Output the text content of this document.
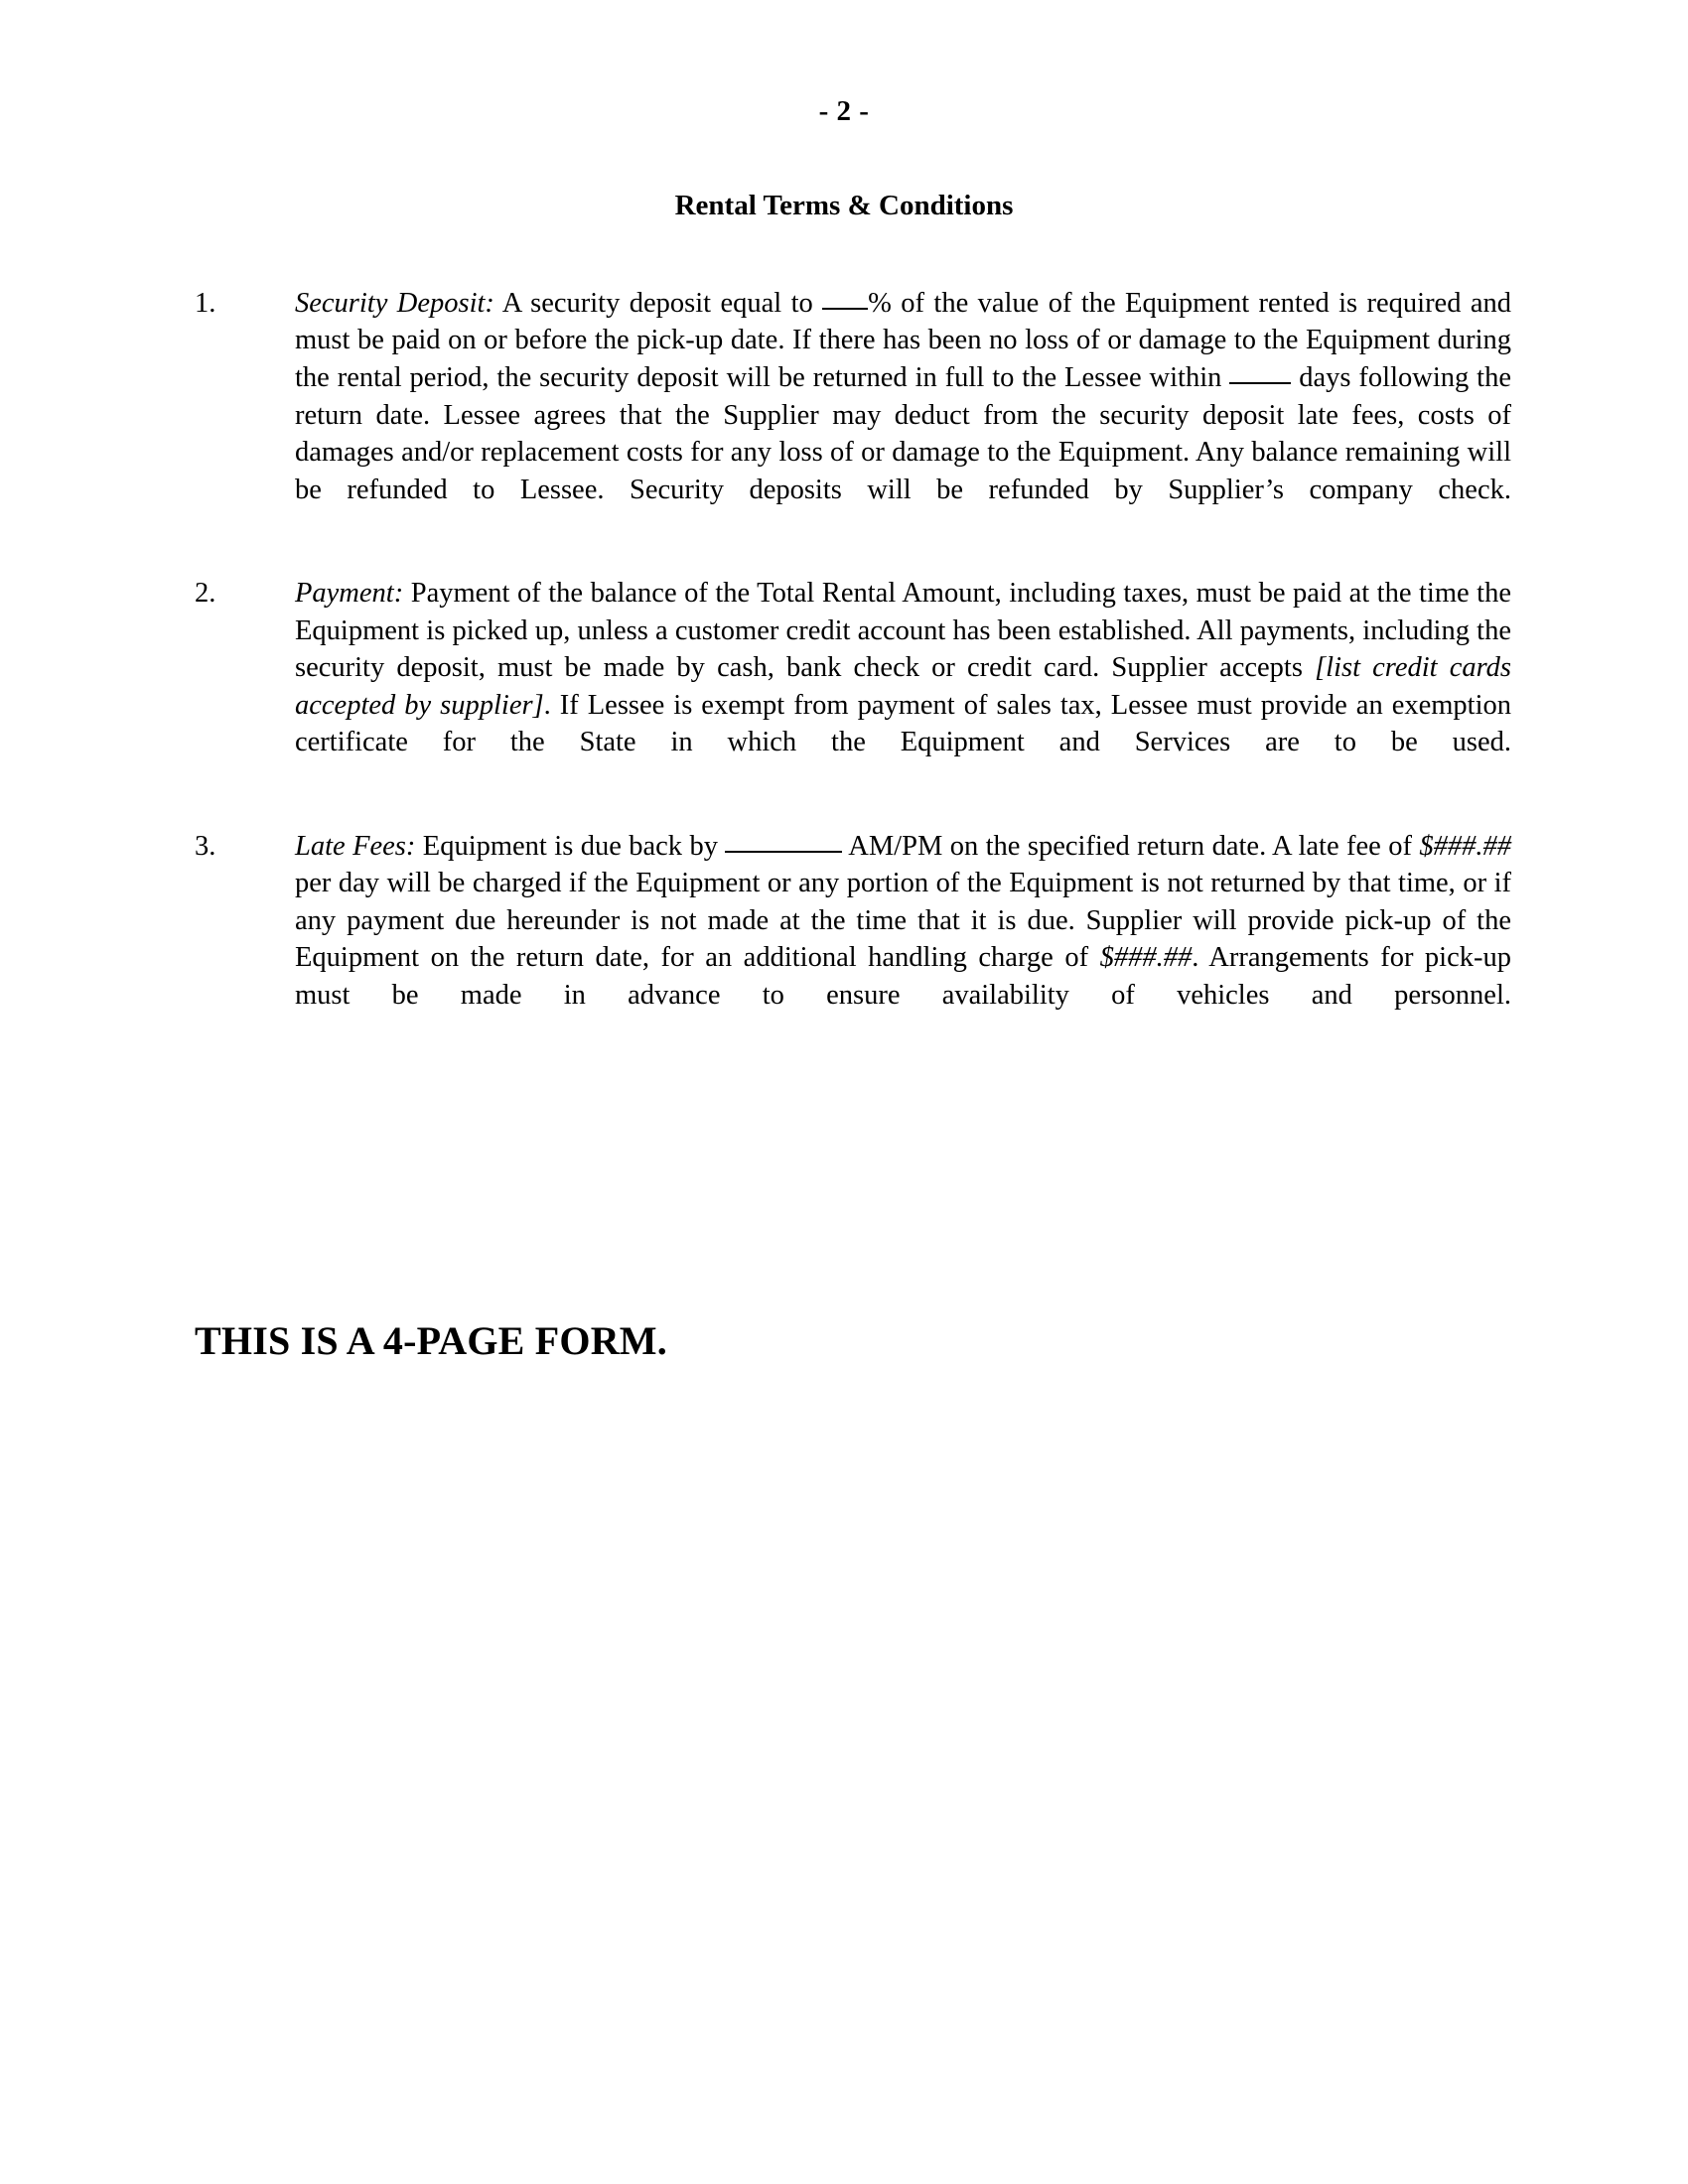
- 2 -
Rental Terms & Conditions
1.	Security Deposit: A security deposit equal to % of the value of the Equipment rented is required and must be paid on or before the pick-up date. If there has been no loss of or damage to the Equipment during the rental period, the security deposit will be returned in full to the Lessee within  days following the return date. Lessee agrees that the Supplier may deduct from the security deposit late fees, costs of damages and/or replacement costs for any loss of or damage to the Equipment. Any balance remaining will be refunded to Lessee. Security deposits will be refunded by Supplier’s company check.
2.	Payment: Payment of the balance of the Total Rental Amount, including taxes, must be paid at the time the Equipment is picked up, unless a customer credit account has been established. All payments, including the security deposit, must be made by cash, bank check or credit card. Supplier accepts [list credit cards accepted by supplier]. If Lessee is exempt from payment of sales tax, Lessee must provide an exemption certificate for the State in which the Equipment and Services are to be used.
3.	Late Fees: Equipment is due back by	AM/PM on the specified return date. A late fee of $###.## per day will be charged if the Equipment or any portion of the Equipment is not returned by that time, or if any payment due hereunder is not made at the time that it is due. Supplier will provide pick-up of the Equipment on the return date, for an additional handling charge of $###.##. Arrangements for pick-up must be made in advance to ensure availability of vehicles and personnel.
THIS IS A 4-PAGE FORM.
